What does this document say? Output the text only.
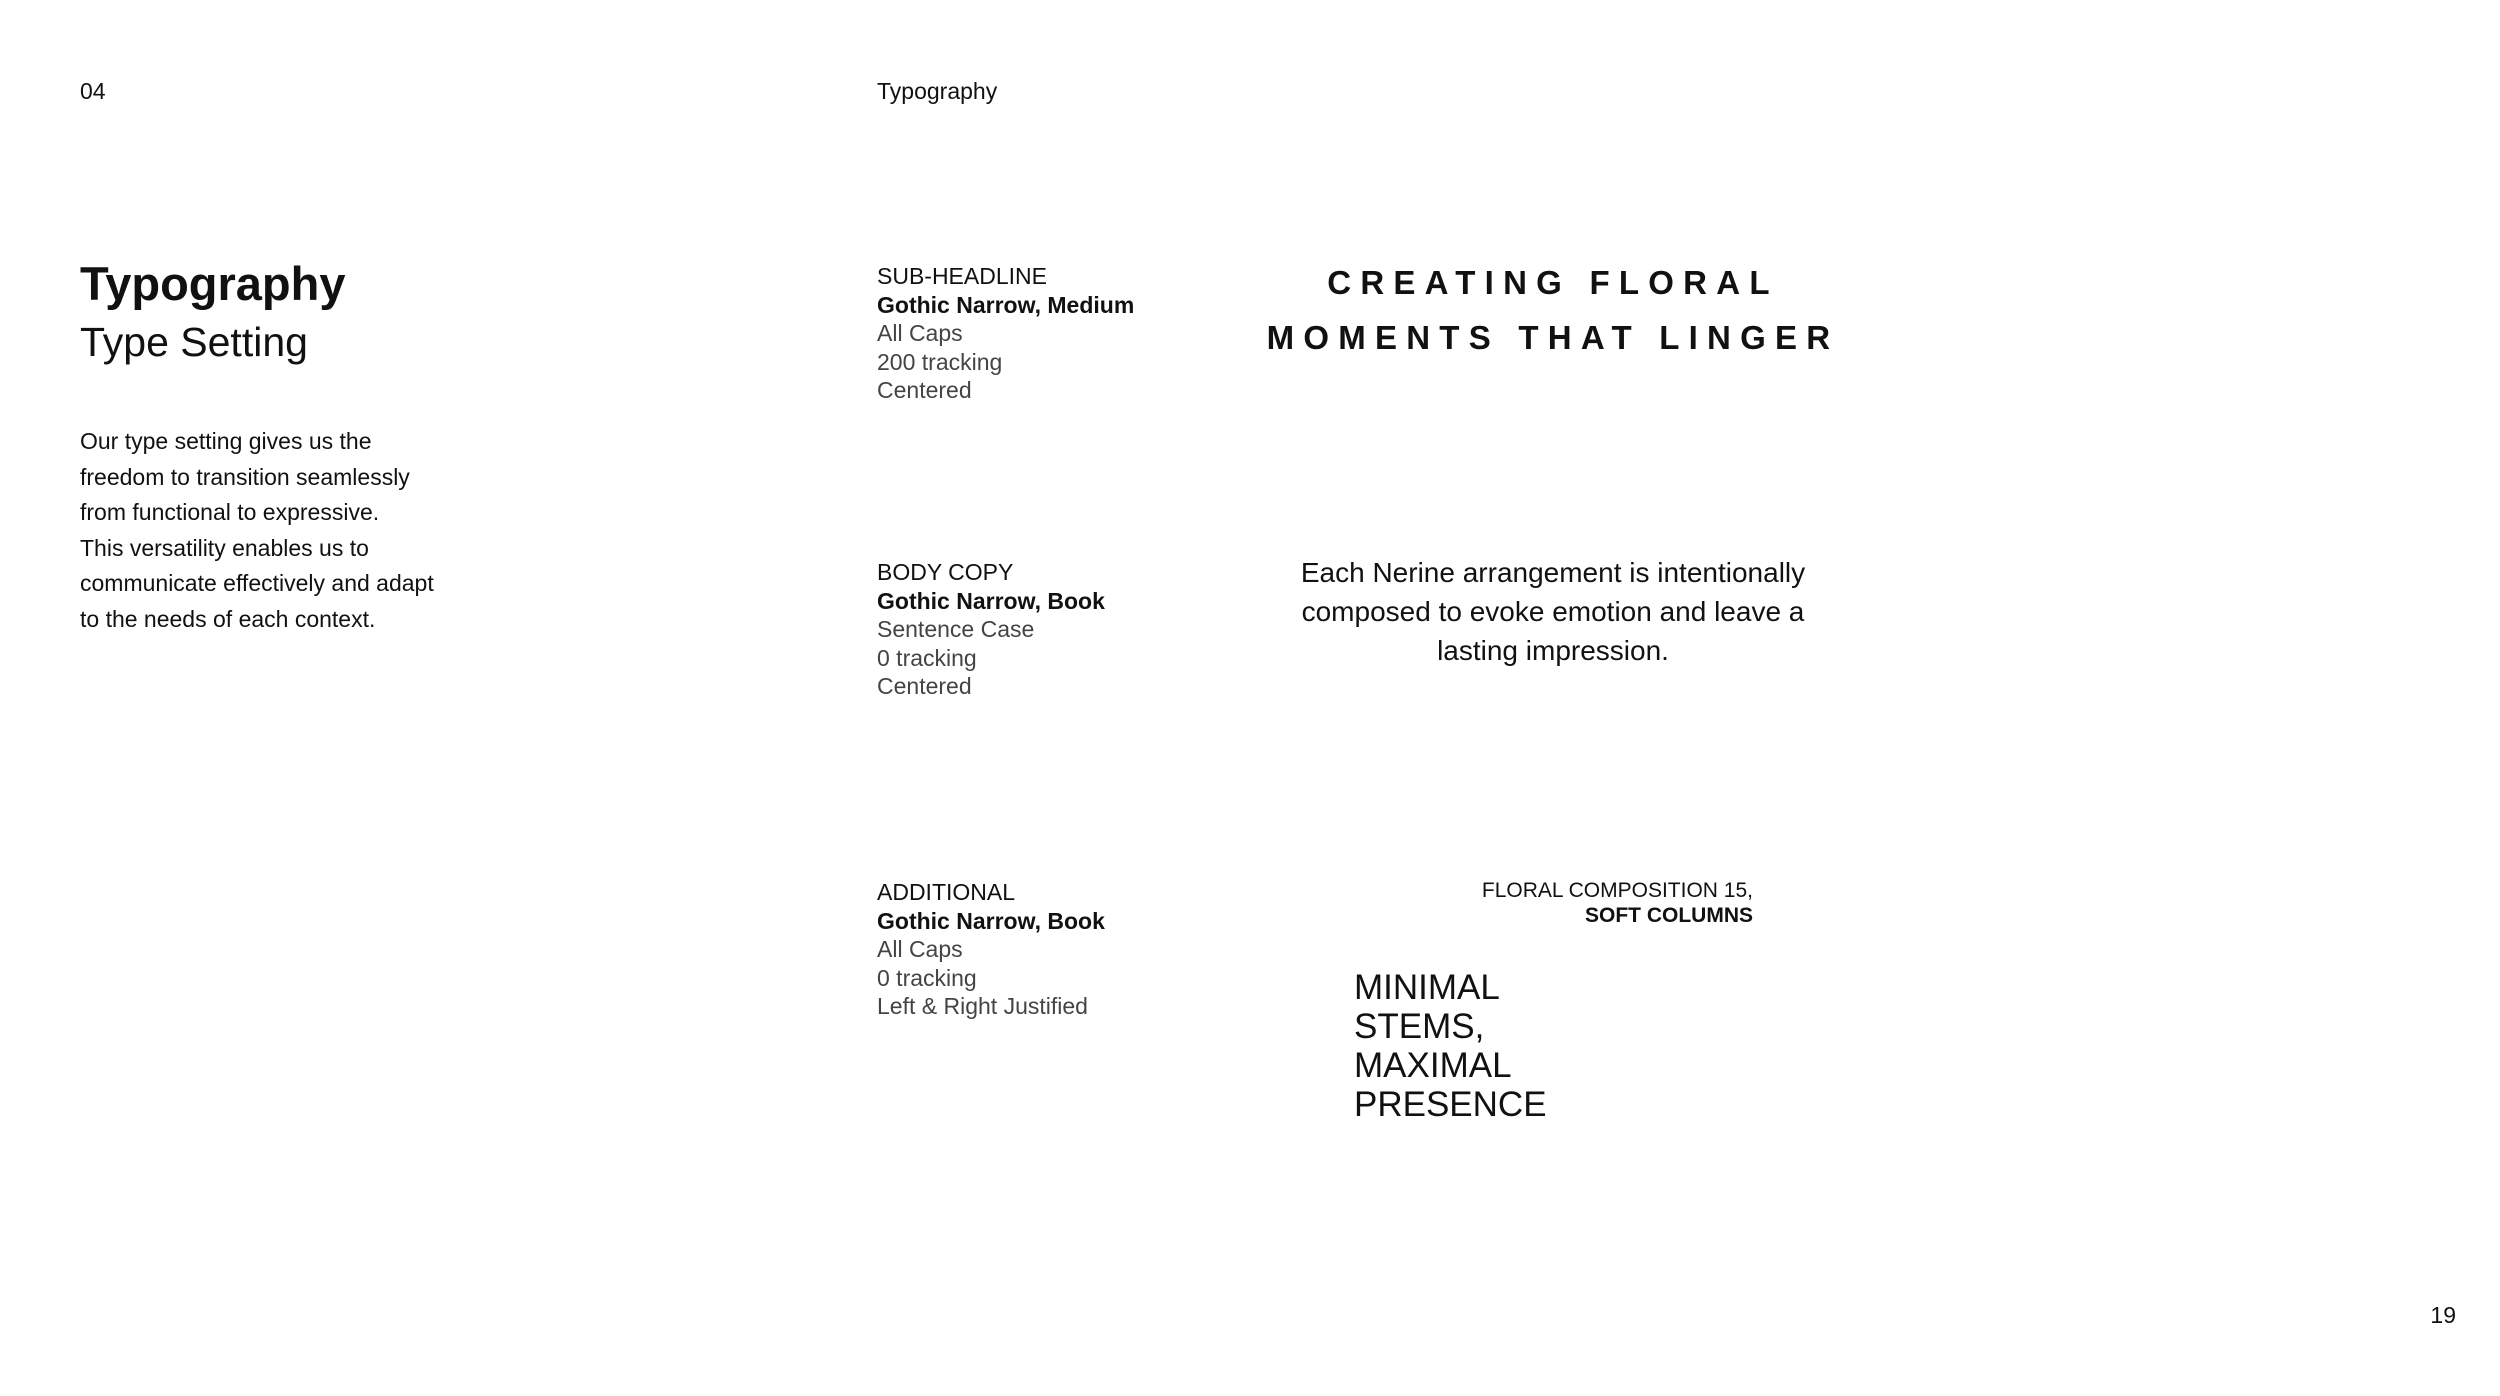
04	Typography
Typography
Type Setting
Our type setting gives us the
freedom to transition seamlessly
from functional to expressive.
This versatility enables us to
communicate effectively and adapt
to the needs of each context.
SUB-HEADLINE
Gothic Narrow, Medium
All Caps
200 tracking
Centered
BODY COPY
Gothic Narrow, Book
Sentence Case
0 tracking
Centered
ADDITIONAL
Gothic Narrow, Book
All Caps
0 tracking
Left & Right Justified
CREATING FLORAL
MOMENTS THAT LINGER
Each Nerine arrangement is intentionally
composed to evoke emotion and leave a
lasting impression.
FLORAL COMPOSITION 15,
SOFT COLUMNS
MINIMAL
STEMS,
MAXIMAL
PRESENCE
19
